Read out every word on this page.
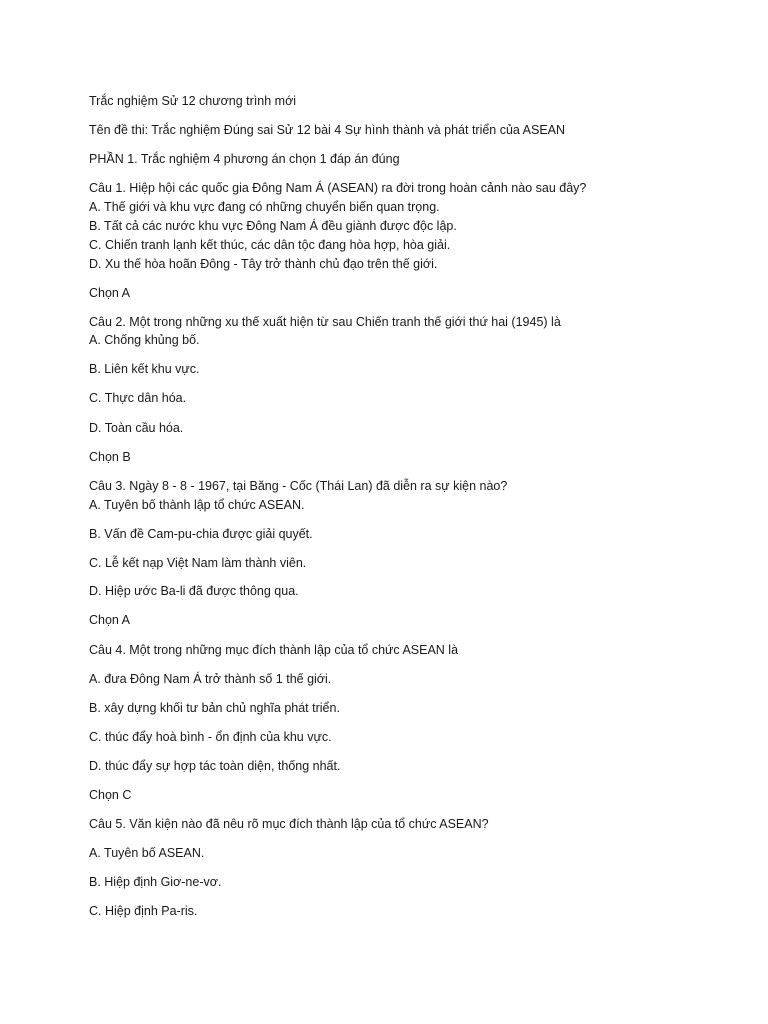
Trắc nghiệm Sử 12 chương trình mới
Tên đề thi: Trắc nghiệm Đúng sai Sử 12 bài 4 Sự hình thành và phát triển của ASEAN
PHẦN 1. Trắc nghiệm 4 phương án chọn 1 đáp án đúng
Câu 1. Hiệp hội các quốc gia Đông Nam Á (ASEAN) ra đời trong hoàn cảnh nào sau đây?
A. Thế giới và khu vực đang có những chuyển biến quan trọng.
B. Tất cả các nước khu vực Đông Nam Á đều giành được độc lập.
C. Chiến tranh lạnh kết thúc, các dân tộc đang hòa hợp, hòa giải.
D. Xu thế hòa hoãn Đông - Tây trở thành chủ đạo trên thế giới.
Chọn A
Câu 2. Một trong những xu thế xuất hiện từ sau Chiến tranh thế giới thứ hai (1945) là
A. Chống khủng bố.
B. Liên kết khu vực.
C. Thực dân hóa.
D. Toàn cầu hóa.
Chọn B
Câu 3. Ngày 8 - 8 - 1967, tại Băng - Cốc (Thái Lan) đã diễn ra sự kiện nào?
A. Tuyên bố thành lập tổ chức ASEAN.
B. Vấn đề Cam-pu-chia được giải quyết.
C. Lễ kết nạp Việt Nam làm thành viên.
D. Hiệp ước Ba-li đã được thông qua.
Chọn A
Câu 4. Một trong những mục đích thành lập của tổ chức ASEAN là
A. đưa Đông Nam Á trở thành số 1 thế giới.
B. xây dựng khối tư bản chủ nghĩa phát triển.
C. thúc đẩy hoà bình - ổn định của khu vực.
D. thúc đẩy sự hợp tác toàn diện, thống nhất.
Chọn C
Câu 5. Văn kiện nào đã nêu rõ mục đích thành lập của tổ chức ASEAN?
A. Tuyên bố ASEAN.
B. Hiệp định Giơ-ne-vơ.
C. Hiệp định Pa-ris.
